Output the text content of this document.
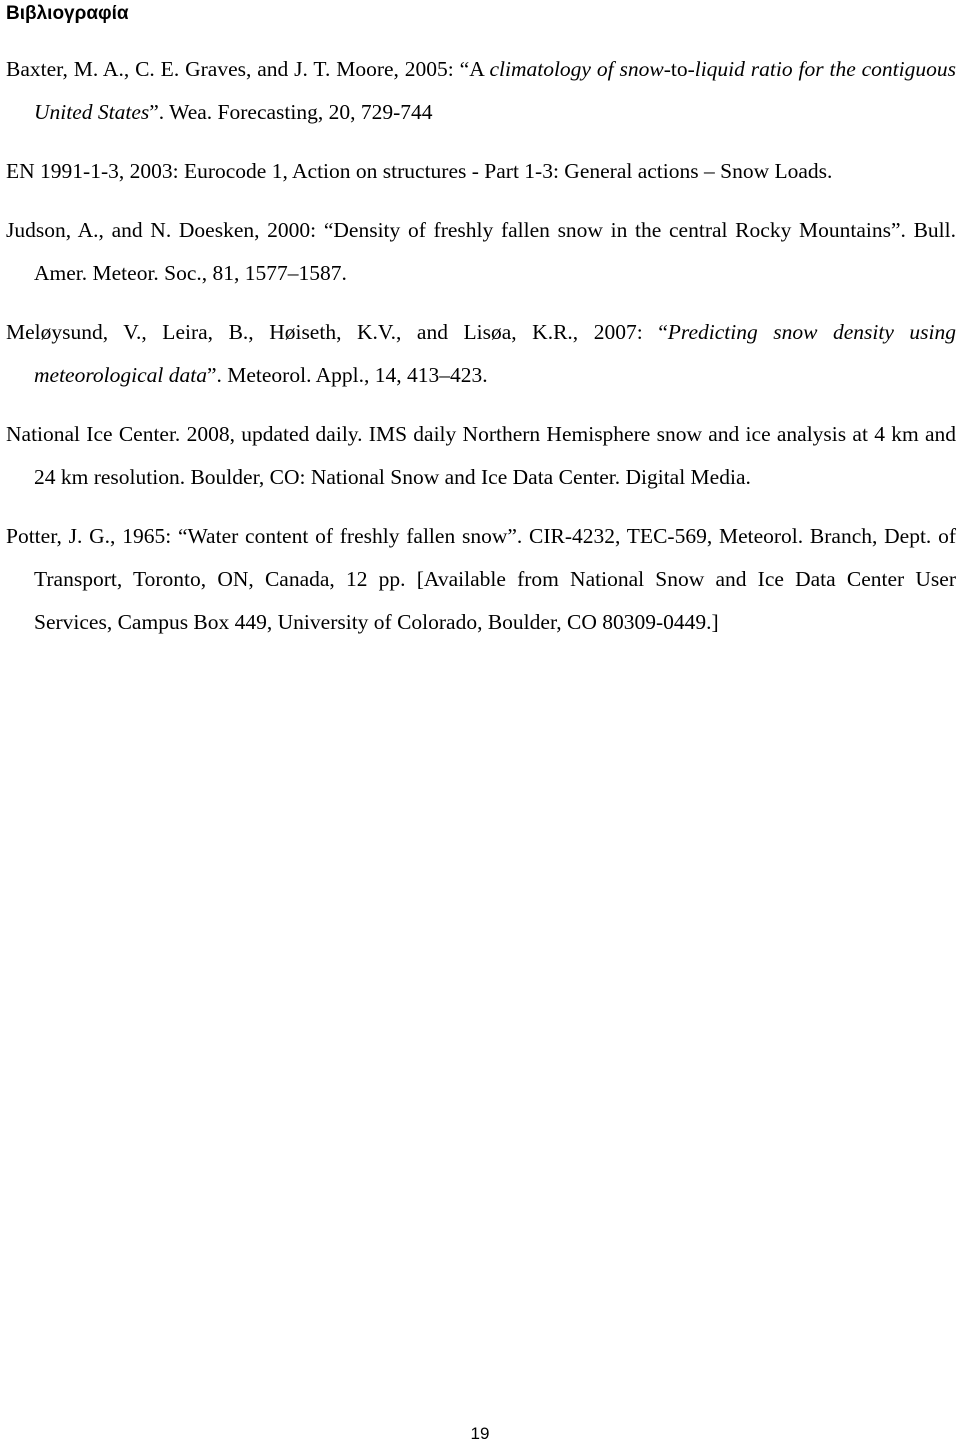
Βιβλιογραφία

Baxter, M. A., C. E. Graves, and J. T. Moore, 2005: “A climatology of snow-to-liquid ratio for the contiguous United States”. Wea. Forecasting, 20, 729-744

EN 1991-1-3, 2003: Eurocode 1, Action on structures - Part 1-3: General actions – Snow Loads.

Judson, A., and N. Doesken, 2000: “Density of freshly fallen snow in the central Rocky Mountains”. Bull. Amer. Meteor. Soc., 81, 1577–1587.

Meløysund, V., Leira, B., Høiseth, K.V., and Lisøa, K.R., 2007: “Predicting snow density using meteorological data”. Meteorol. Appl., 14, 413–423.

National Ice Center. 2008, updated daily. IMS daily Northern Hemisphere snow and ice analysis at 4 km and 24 km resolution. Boulder, CO: National Snow and Ice Data Center. Digital Media.

Potter, J. G., 1965: “Water content of freshly fallen snow”. CIR-4232, TEC-569, Meteorol. Branch, Dept. of Transport, Toronto, ON, Canada, 12 pp. [Available from National Snow and Ice Data Center User Services, Campus Box 449, University of Colorado, Boulder, CO 80309-0449.]

19
